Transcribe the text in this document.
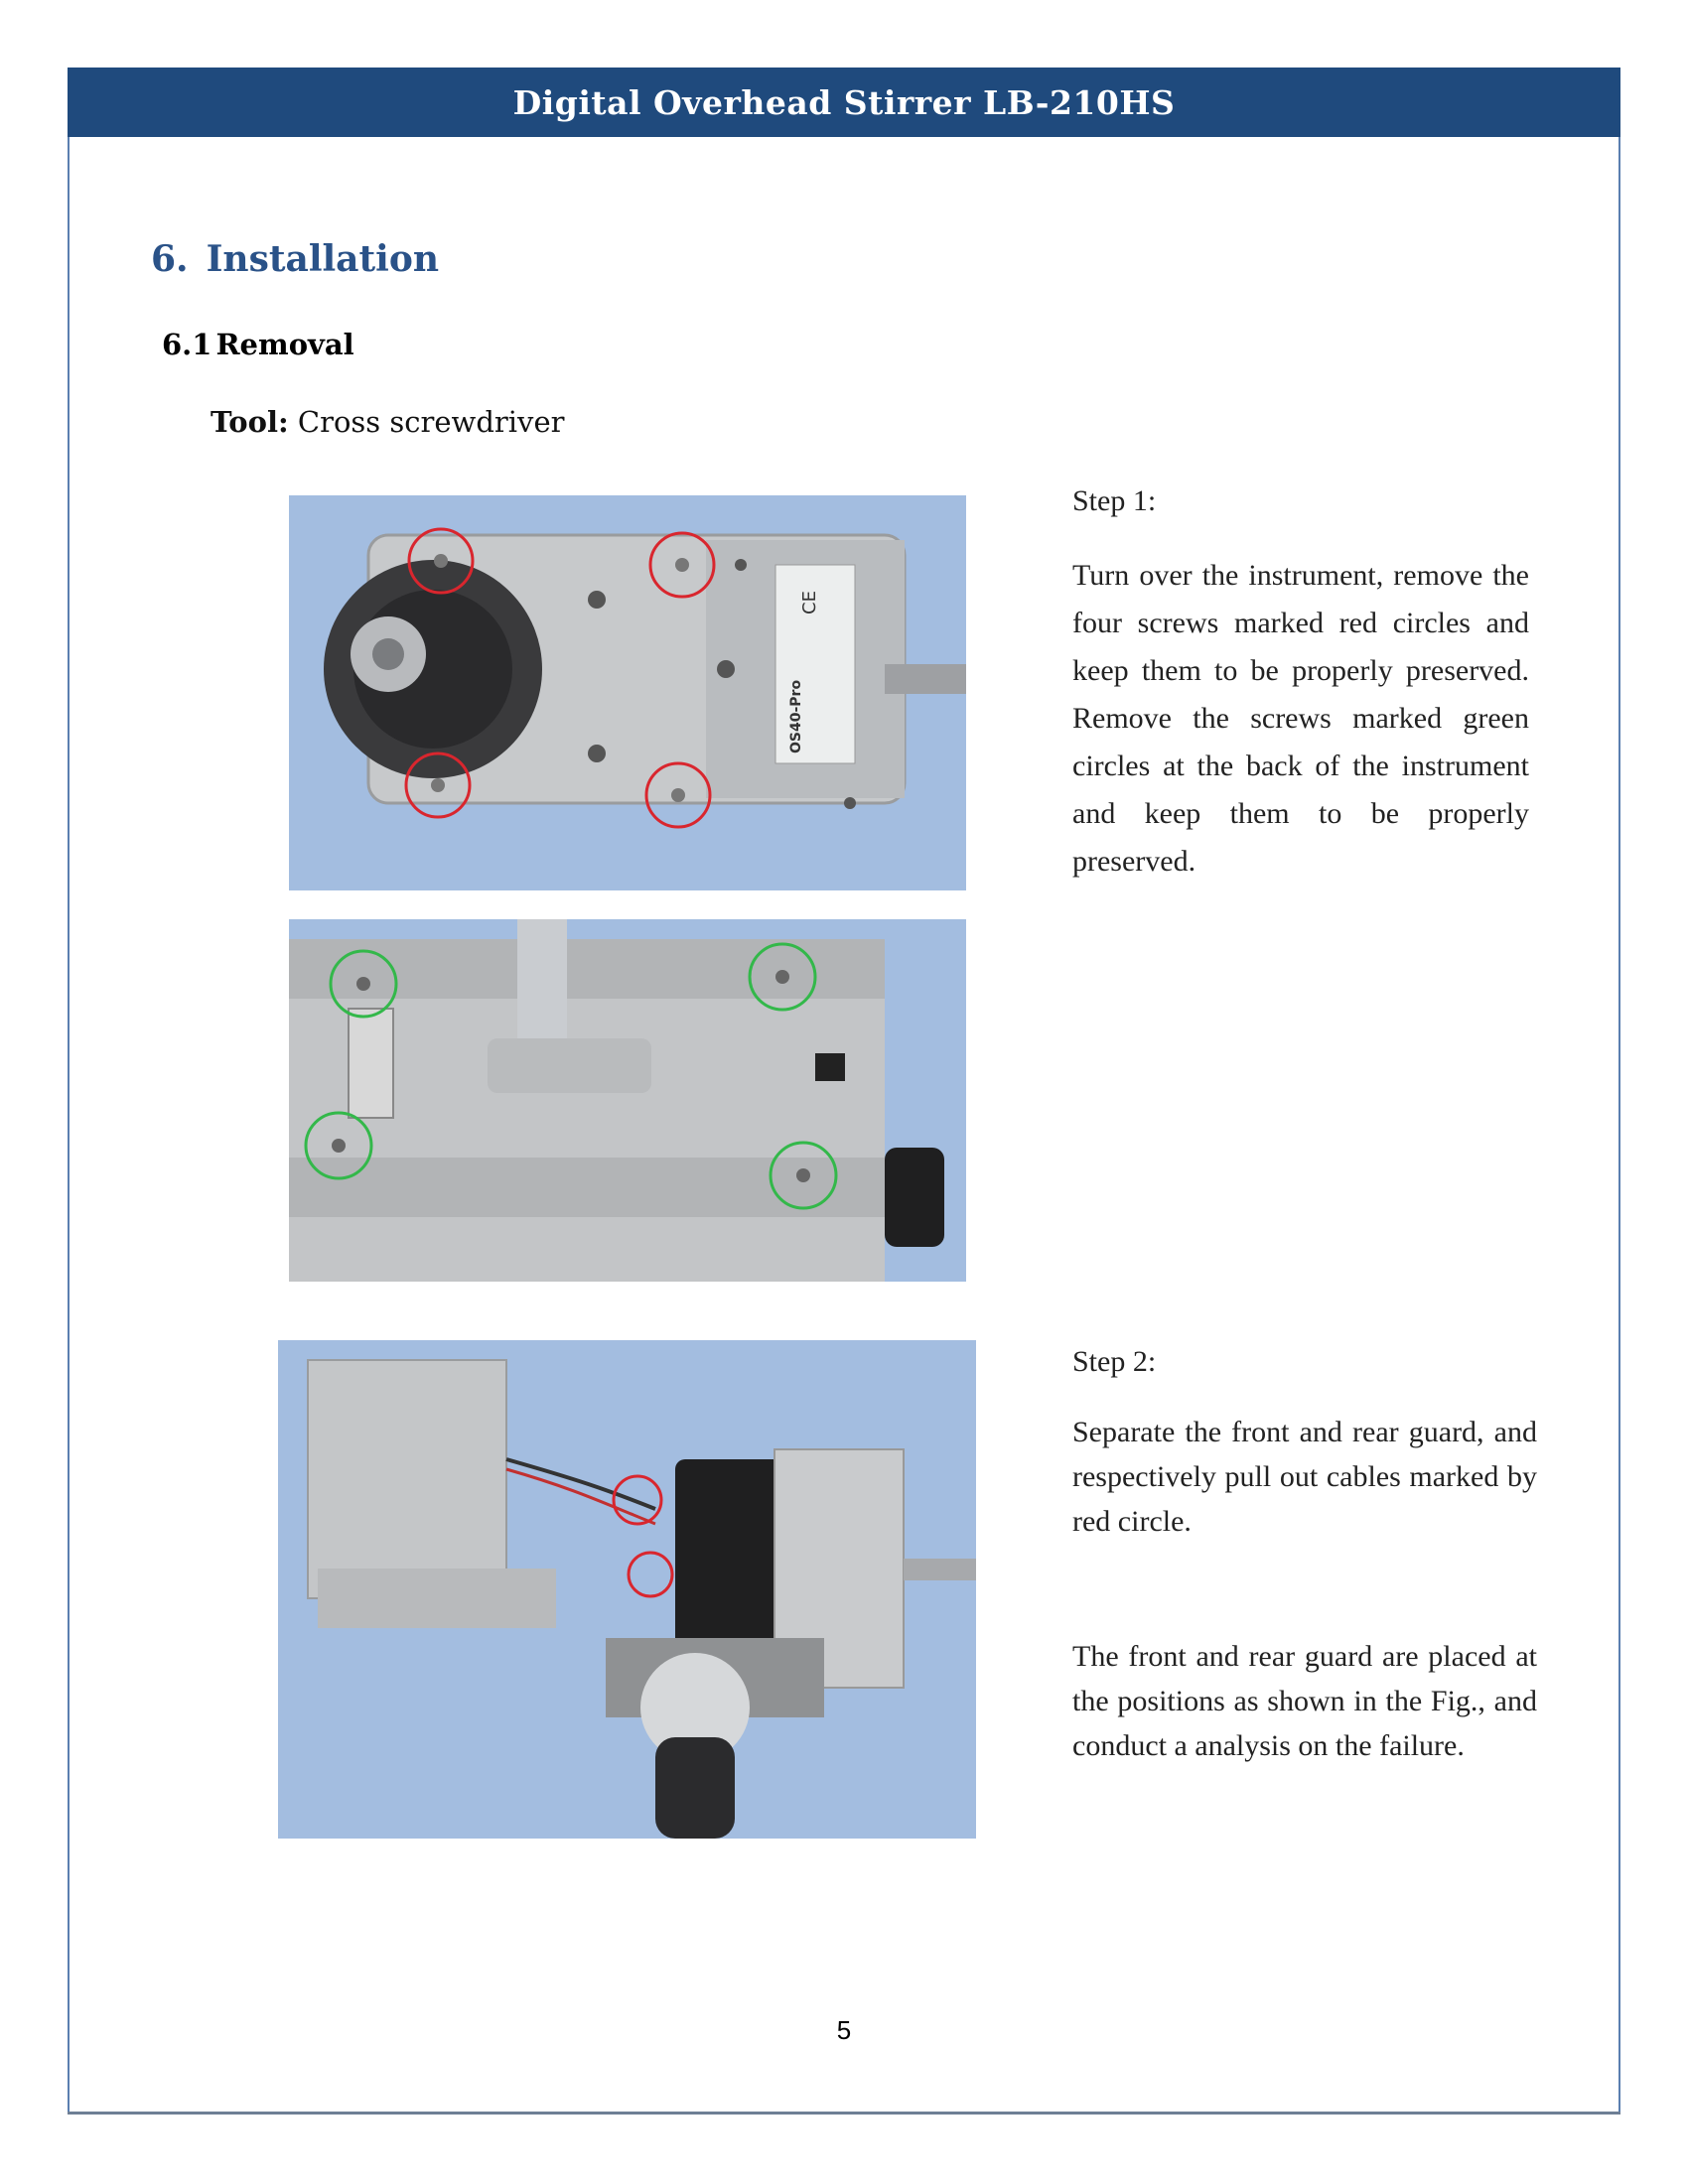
Digital Overhead Stirrer LB-210HS
6. Installation
6.1 Removal
Tool: Cross screwdriver
CE
OS40-Pro
Step 1:
Turn over the instrument, remove the four screws marked red circles and keep them to be properly preserved. Remove the screws marked green circles at the back of the instrument and keep them to be properly preserved.
Step 2:
Separate the front and rear guard, and respectively pull out cables marked by red circle.
The front and rear guard are placed at the positions as shown in the Fig., and conduct a analysis on the failure.
5
